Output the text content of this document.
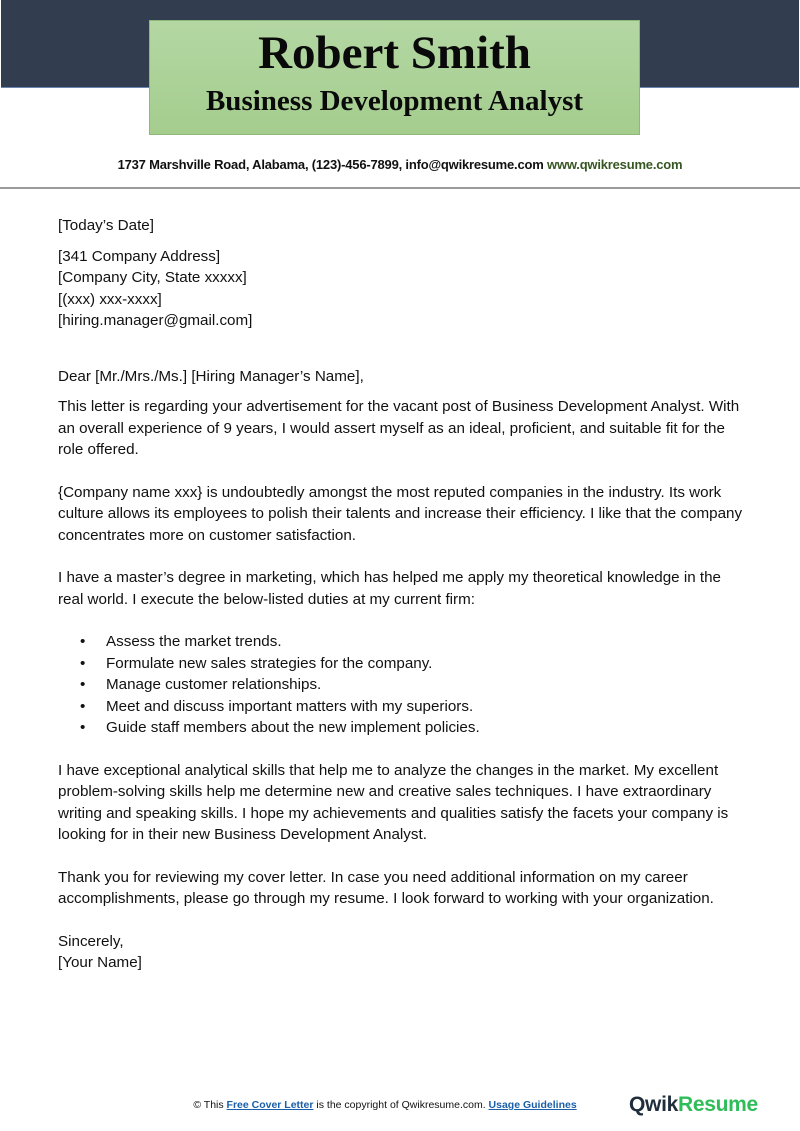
Robert Smith
Business Development Analyst
1737 Marshville Road, Alabama, (123)-456-7899, info@qwikresume.com www.qwikresume.com

[Today’s Date]

[341 Company Address]

[Company City, State xxxxx]

[(xxx) xxx-xxxx]

[hiring.manager@gmail.com]

Dear [Mr./Mrs./Ms.] [Hiring Manager’s Name],

This letter is regarding your advertisement for the vacant post of Business Development Analyst. With an overall experience of 9 years, I would assert myself as an ideal, proficient, and suitable fit for the role offered.

{Company name xxx} is undoubtedly amongst the most reputed companies in the industry. Its work culture allows its employees to polish their talents and increase their efficiency. I like that the company concentrates more on customer satisfaction.

I have a master’s degree in marketing, which has helped me apply my theoretical knowledge in the real world. I execute the below-listed duties at my current firm:

• Assess the market trends.
• Formulate new sales strategies for the company.
• Manage customer relationships.
• Meet and discuss important matters with my superiors.
• Guide staff members about the new implement policies.

I have exceptional analytical skills that help me to analyze the changes in the market. My excellent problem-solving skills help me determine new and creative sales techniques. I have extraordinary writing and speaking skills. I hope my achievements and qualities satisfy the facets your company is looking for in their new Business Development Analyst.

Thank you for reviewing my cover letter. In case you need additional information on my career accomplishments, please go through my resume. I look forward to working with your organization.

Sincerely,

[Your Name]

© This Free Cover Letter is the copyright of Qwikresume.com. Usage Guidelines	QwikResume
